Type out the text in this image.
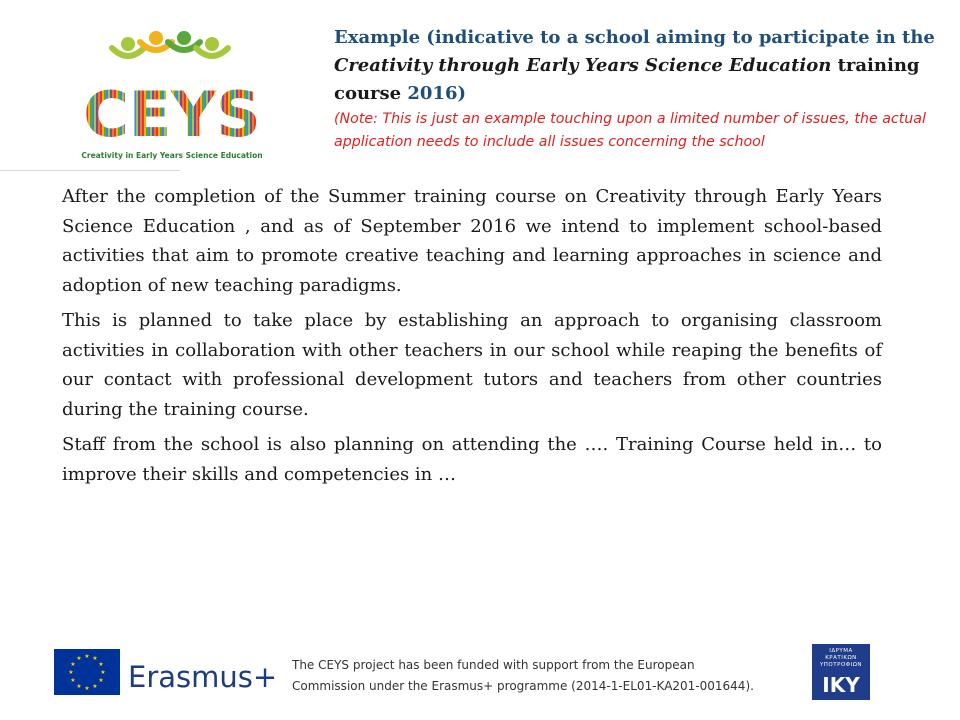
CEYS
Creativity in Early Years Science Education

Example (indicative to a school aiming to participate in the Creativity through Early Years Science Education training course 2016)

(Note: This is just an example touching upon a limited number of issues, the actual application needs to include all issues concerning the school

After the completion of the Summer training course on Creativity through Early Years Science Education , and as of September 2016 we intend to implement school-based activities that aim to promote creative teaching and learning approaches in science and adoption of new teaching paradigms.

This is planned to take place by establishing an approach to organising classroom activities in collaboration with other teachers in our school while reaping the benefits of our contact with professional development tutors and teachers from other countries during the training course.

Staff from the school is also planning on attending the …. Training Course held in… to improve their skills and competencies in …

★ ★
★
★
★
★
★
★
★
★
★
★
Erasmus+ The CEYS project has been funded with support from the European
Commission under the Erasmus+ programme (2014-1-EL01-KA201-001644).
ΙΔΡΥΜΑ ΚΡΑΤΙΚΩΝ ΥΠΟΤΡΟΦΙΩΝ
IKY
